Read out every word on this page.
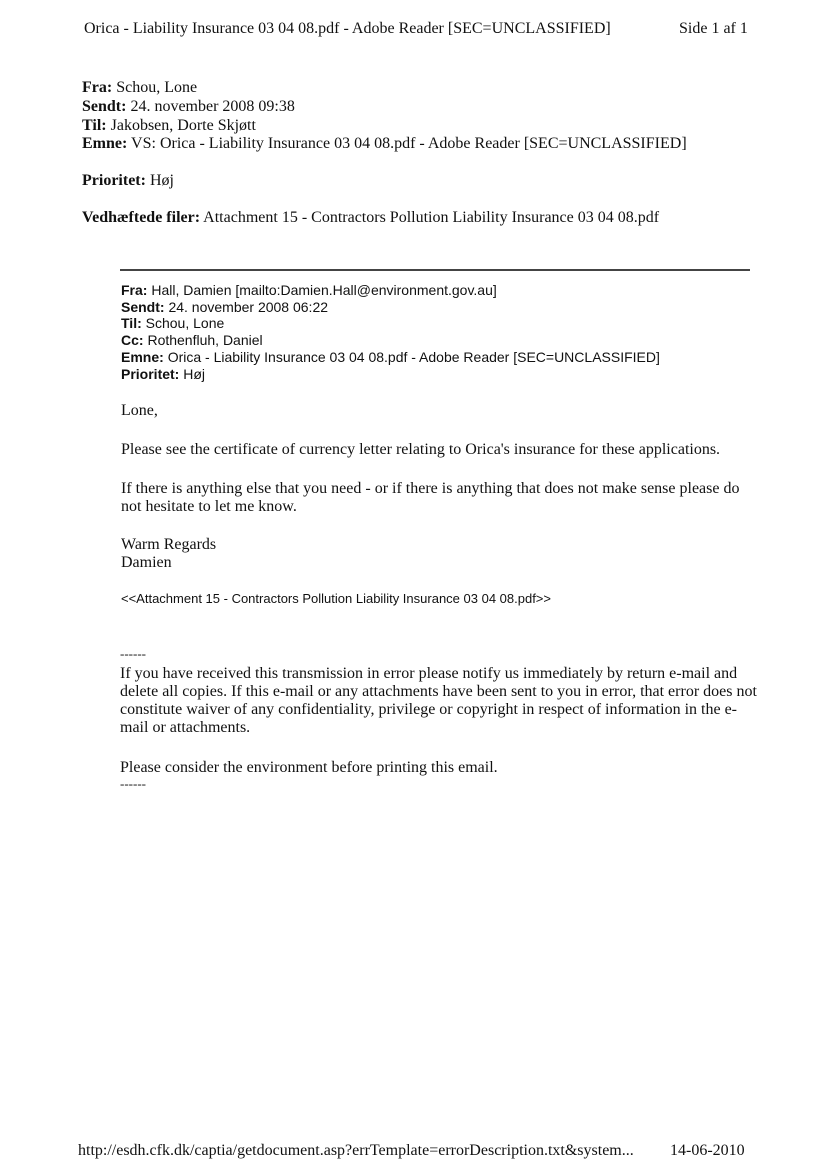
Orica - Liability Insurance 03 04 08.pdf - Adobe Reader [SEC=UNCLASSIFIED]	Side 1 af 1
Fra: Schou, Lone
Sendt: 24. november 2008 09:38
Til: Jakobsen, Dorte Skjøtt
Emne: VS: Orica - Liability Insurance 03 04 08.pdf - Adobe Reader [SEC=UNCLASSIFIED]
Prioritet: Høj
Vedhæftede filer: Attachment 15 - Contractors Pollution Liability Insurance 03 04 08.pdf
Fra: Hall, Damien [mailto:Damien.Hall@environment.gov.au]
Sendt: 24. november 2008 06:22
Til: Schou, Lone
Cc: Rothenfluh, Daniel
Emne: Orica - Liability Insurance 03 04 08.pdf - Adobe Reader [SEC=UNCLASSIFIED]
Prioritet: Høj
Lone,
Please see the certificate of currency letter relating to Orica's insurance for these applications.
If there is anything else that you need - or if there is anything that does not make sense please do not hesitate to let me know.
Warm Regards
Damien
<<Attachment 15 - Contractors Pollution Liability Insurance 03 04 08.pdf>>
------
If you have received this transmission in error please notify us immediately by return e-mail and delete all copies. If this e-mail or any attachments have been sent to you in error, that error does not constitute waiver of any confidentiality, privilege or copyright in respect of information in the e-mail or attachments.
Please consider the environment before printing this email.
------
http://esdh.cfk.dk/captia/getdocument.asp?errTemplate=errorDescription.txt&system... 14-06-2010
